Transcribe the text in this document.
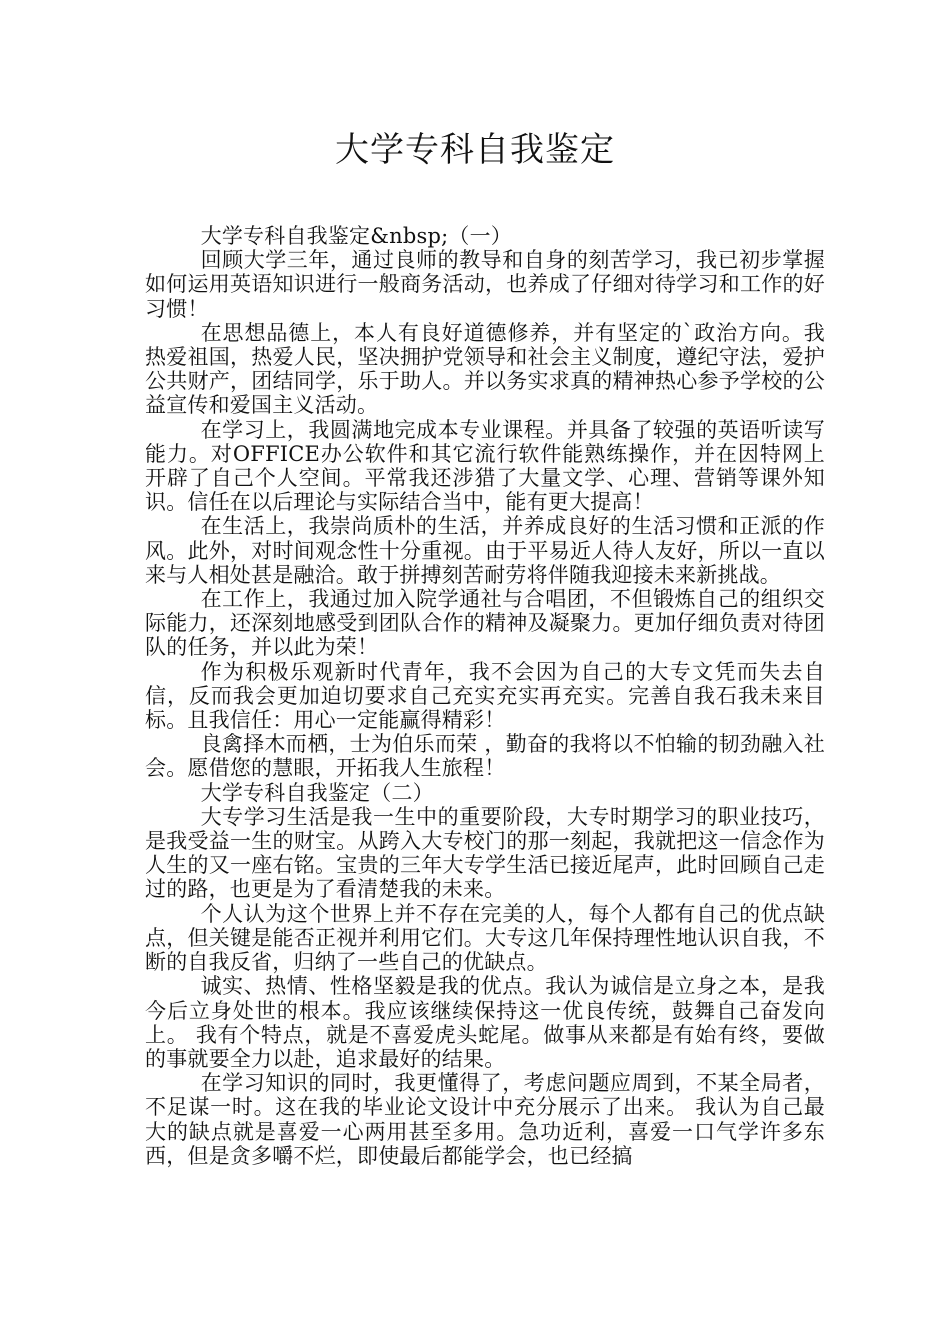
大学专科自我鉴定

大学专科自我鉴定&nbsp;（一）

回顾大学三年，通过良师的教导和自身的刻苦学习，我已初步掌握如何运用英语知识进行一般商务活动，也养成了仔细对待学习和工作的好习惯！

在思想品德上，本人有良好道德修养，并有坚定的`政治方向。我热爱祖国，热爱人民，坚决拥护党领导和社会主义制度，遵纪守法，爱护公共财产，团结同学，乐于助人。并以务实求真的精神热心参予学校的公益宣传和爱国主义活动。

在学习上，我圆满地完成本专业课程。并具备了较强的英语听读写能力。对OFFICE办公软件和其它流行软件能熟练操作，并在因特网上开辟了自己个人空间。平常我还涉猎了大量文学、心理、营销等课外知识。信任在以后理论与实际结合当中，能有更大提高！

在生活上，我崇尚质朴的生活，并养成良好的生活习惯和正派的作风。此外，对时间观念性十分重视。由于平易近人待人友好，所以一直以来与人相处甚是融洽。敢于拼搏刻苦耐劳将伴随我迎接未来新挑战。

在工作上，我通过加入院学通社与合唱团，不但锻炼自己的组织交际能力，还深刻地感受到团队合作的精神及凝聚力。更加仔细负责对待团队的任务，并以此为荣！

作为积极乐观新时代青年，我不会因为自己的大专文凭而失去自信，反而我会更加迫切要求自己充实充实再充实。完善自我石我未来目标。且我信任：用心一定能赢得精彩！

良禽择木而栖，士为伯乐而荣 ，勤奋的我将以不怕输的韧劲融入社会。愿借您的慧眼，开拓我人生旅程！

大学专科自我鉴定（二）

大专学习生活是我一生中的重要阶段，大专时期学习的职业技巧，是我受益一生的财宝。从跨入大专校门的那一刻起，我就把这一信念作为人生的又一座右铭。宝贵的三年大专学生活已接近尾声，此时回顾自己走过的路，也更是为了看清楚我的未来。

个人认为这个世界上并不存在完美的人，每个人都有自己的优点缺点，但关键是能否正视并利用它们。大专这几年保持理性地认识自我，不断的自我反省，归纳了一些自己的优缺点。

诚实、热情、性格坚毅是我的优点。我认为诚信是立身之本，是我今后立身处世的根本。我应该继续保持这一优良传统，鼓舞自己奋发向上。 我有个特点，就是不喜爱虎头蛇尾。做事从来都是有始有终，要做的事就要全力以赴，追求最好的结果。

在学习知识的同时，我更懂得了，考虑问题应周到，不某全局者，不足谋一时。这在我的毕业论文设计中充分展示了出来。 我认为自己最大的缺点就是喜爱一心两用甚至多用。急功近利，喜爱一口气学许多东西，但是贪多嚼不烂，即使最后都能学会，也已经搞
